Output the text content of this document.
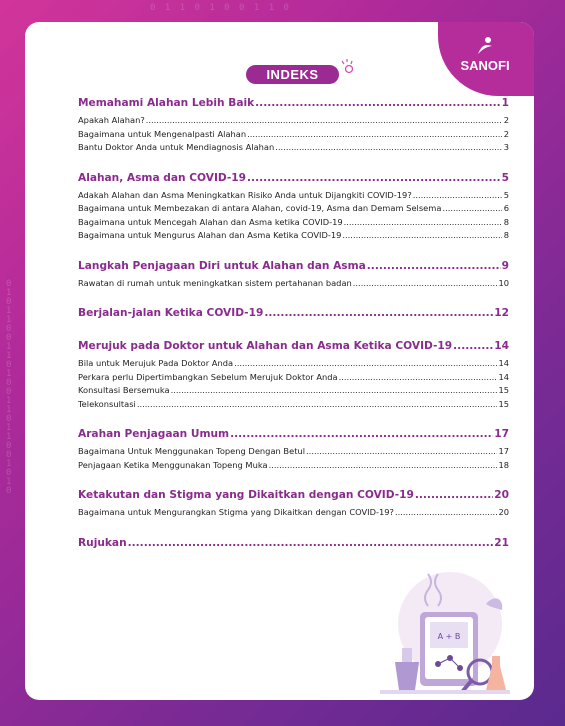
0 1 0 1 1 0 0 1 1 0 1 0 0 1 1 0 1 1 0 0 1 0 1 0
0 1 1 0 1 0 0 1 1 0
SANOFI
INDEKS
Memahami Alahan Lebih Baik .....	1
Apakah Alahan? .....	2
Bagaimana untuk Mengenalpasti Alahan .....	2
Bantu Doktor Anda untuk Mendiagnosis Alahan .....	3
Alahan, Asma dan COVID-19 .....	5
Adakah Alahan dan Asma Meningkatkan Risiko Anda untuk Dijangkiti COVID-19? .....	5
Bagaimana untuk Membezakan di antara Alahan, covid-19, Asma dan Demam Selsema .....	6
Bagaimana untuk Mencegah Alahan dan Asma ketika COVID-19 .....	8
Bagaimana untuk Mengurus Alahan dan Asma Ketika COVID-19 .....	8
Langkah Penjagaan Diri untuk Alahan dan Asma .....	9
Rawatan di rumah untuk meningkatkan sistem pertahanan badan .....	10
Berjalan-jalan Ketika COVID-19 .....	12
Merujuk pada Doktor untuk Alahan dan Asma Ketika COVID-19 .....	14
Bila untuk Merujuk Pada Doktor Anda .....	14
Perkara perlu Dipertimbangkan Sebelum Merujuk Doktor Anda .....	14
Konsultasi Bersemuka .....	15
Telekonsultasi .....	15
Arahan Penjagaan Umum .....	17
Bagaimana Untuk Menggunakan Topeng Dengan Betul .....	17
Penjagaan Ketika Menggunakan Topeng Muka .....	18
Ketakutan dan Stigma yang Dikaitkan dengan COVID-19 .....	20
Bagaimana untuk Mengurangkan Stigma yang Dikaitkan dengan COVID-19? .....	20
Rujukan .....	21
A + B
